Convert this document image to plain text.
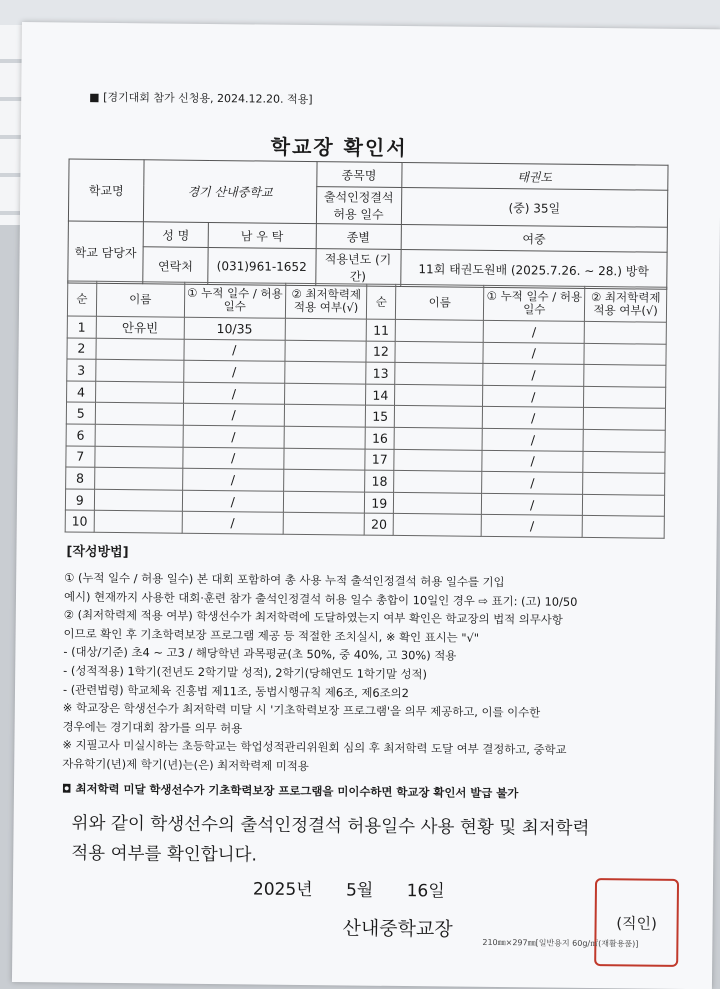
■ [경기대회 참가 신청용, 2024.12.20. 적용]
학교장 확인서
학교명	경기 산내중학교		종목명	태권도
			출석인정결석 허용 일수	(중) 35일
학교 담당자	성 명	남 우 탁	종별	여중
	연락처	(031)961-1652	적용년도 (기간)	11회 태권도원배 (2025.7.26. ~ 28.) 방학
순	이름	① 누적 일수 / 허용 일수	② 최저학력제 적용 여부(√)	순	이름	① 누적 일수 / 허용 일수	② 최저학력제 적용 여부(√)
1	안유빈	10/35		11		/	
2		/		12		/	
3		/		13		/	
4		/		14		/	
5		/		15		/	
6		/		16		/	
7		/		17		/	
8		/		18		/	
9		/		19		/	
10		/		20		/	
[작성방법]
① (누적 일수 / 허용 일수) 본 대회 포함하여 총 사용 누적 출석인정결석 허용 일수를 기입
예시) 현재까지 사용한 대회·훈련 참가 출석인정결석 허용 일수 총합이 10일인 경우 ⇨ 표기: (고) 10/50
② (최저학력제 적용 여부) 학생선수가 최저학력에 도달하였는지 여부 확인은 학교장의 법적 의무사항
이므로 확인 후 기초학력보장 프로그램 제공 등 적절한 조치실시, ※ 확인 표시는 "√"
- (대상/기준) 초4 ~ 고3 / 해당학년 과목평균(초 50%, 중 40%, 고 30%) 적용
- (성적적용) 1학기(전년도 2학기말 성적), 2학기(당해연도 1학기말 성적)
- (관련법령) 학교체육 진흥법 제11조, 동법시행규칙 제6조, 제6조의2
※ 학교장은 학생선수가 최저학력 미달 시 '기초학력보장 프로그램'을 의무 제공하고, 이를 이수한
경우에는 경기대회 참가를 의무 허용
※ 지필고사 미실시하는 초등학교는 학업성적관리위원회 심의 후 최저학력 도달 여부 결정하고, 중학교
자유학기(년)제 학기(년)는(은) 최저학력제 미적용
◘ 최저학력 미달 학생선수가 기초학력보장 프로그램을 미이수하면 학교장 확인서 발급 불가
위와 같이 학생선수의 출석인정결석 허용일수 사용 현황 및 최저학력
적용 여부를 확인합니다.
2025년 5월 16일
산내중학교장	(직인)
210㎜×297㎜[일반용지 60g/㎡(재활용품)]
